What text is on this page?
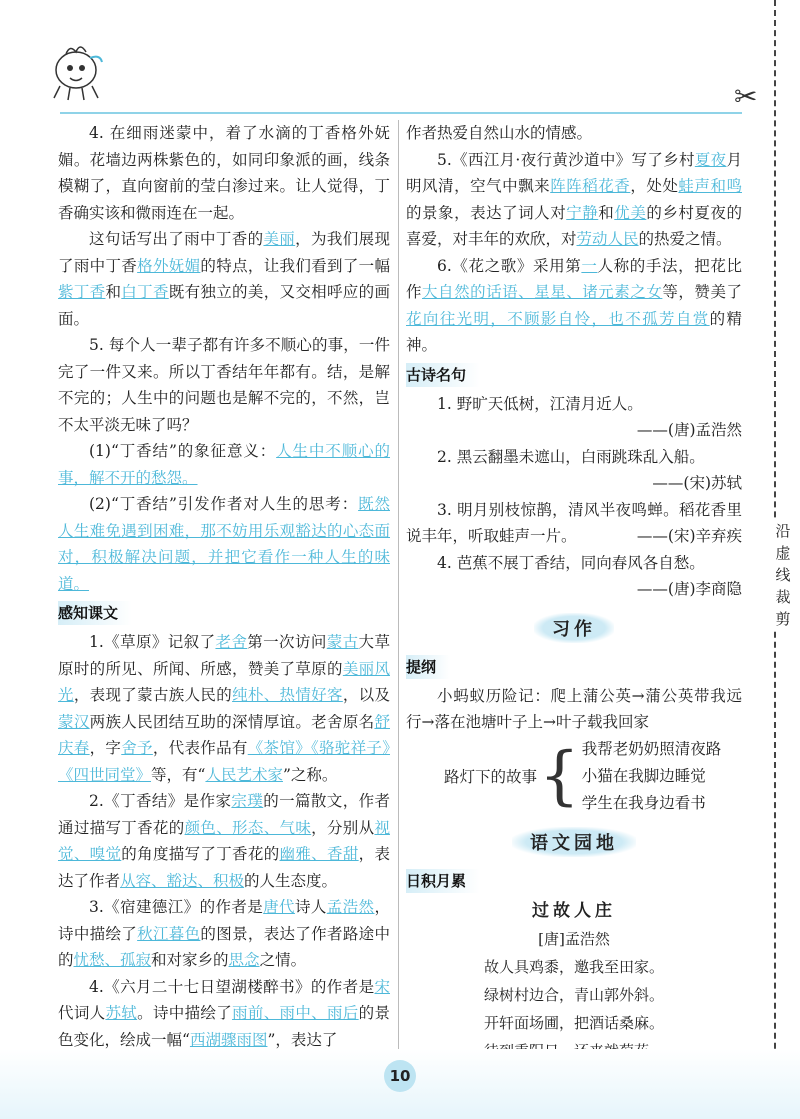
✂
沿虚线裁剪

4. 在细雨迷蒙中，着了水滴的丁香格外妩媚。花墙边两株紫色的，如同印象派的画，线条模糊了，直向窗前的莹白渗过来。让人觉得，丁香确实该和微雨连在一起。

这句话写出了雨中丁香的美丽，为我们展现了雨中丁香格外妩媚的特点，让我们看到了一幅紫丁香和白丁香既有独立的美，又交相呼应的画面。

5. 每个人一辈子都有许多不顺心的事，一件完了一件又来。所以丁香结年年都有。结，是解不完的；人生中的问题也是解不完的，不然，岂不太平淡无味了吗？

(1)“丁香结”的象征意义：人生中不顺心的事，解不开的愁怨。

(2)“丁香结”引发作者对人生的思考：既然人生难免遇到困难，那不妨用乐观豁达的心态面对，积极解决问题，并把它看作一种人生的味道。

感知课文

1.《草原》记叙了老舍第一次访问蒙古大草原时的所见、所闻、所感，赞美了草原的美丽风光，表现了蒙古族人民的纯朴、热情好客，以及蒙汉两族人民团结互助的深情厚谊。老舍原名舒庆春，字舍予，代表作品有《茶馆》《骆驼祥子》《四世同堂》等，有“人民艺术家”之称。

2.《丁香结》是作家宗璞的一篇散文，作者通过描写丁香花的颜色、形态、气味，分别从视觉、嗅觉的角度描写了丁香花的幽雅、香甜，表达了作者从容、豁达、积极的人生态度。

3.《宿建德江》的作者是唐代诗人孟浩然，诗中描绘了秋江暮色的图景，表达了作者路途中的忧愁、孤寂和对家乡的思念之情。

4.《六月二十七日望湖楼醉书》的作者是宋代词人苏轼。诗中描绘了雨前、雨中、雨后的景色变化，绘成一幅“西湖骤雨图”，表达了

作者热爱自然山水的情感。

5.《西江月·夜行黄沙道中》写了乡村夏夜月明风清，空气中飘来阵阵稻花香，处处蛙声和鸣的景象，表达了词人对宁静和优美的乡村夏夜的喜爱，对丰年的欢欣，对劳动人民的热爱之情。

6.《花之歌》采用第一人称的手法，把花比作大自然的话语、星星、诸元素之女等，赞美了花向往光明，不顾影自怜，也不孤芳自赏的精神。

古诗名句

1. 野旷天低树，江清月近人。

——(唐)孟浩然

2. 黑云翻墨未遮山，白雨跳珠乱入船。

——(宋)苏轼

3. 明月别枝惊鹊，清风半夜鸣蝉。稻花香里说丰年，听取蛙声一片。	——(宋)辛弃疾

4. 芭蕉不展丁香结，同向春风各自愁。

——(唐)李商隐

习作
提纲

小蚂蚁历险记：爬上蒲公英→蒲公英带我远行→落在池塘叶子上→叶子载我回家

路灯下的故事 { 我帮老奶奶照清夜路

小猫在我脚边睡觉

学生在我身边看书

语文园地
日积月累
过故人庄
[唐]孟浩然
故人具鸡黍，邀我至田家。
绿树村边合，青山郭外斜。
开轩面场圃，把酒话桑麻。
10
